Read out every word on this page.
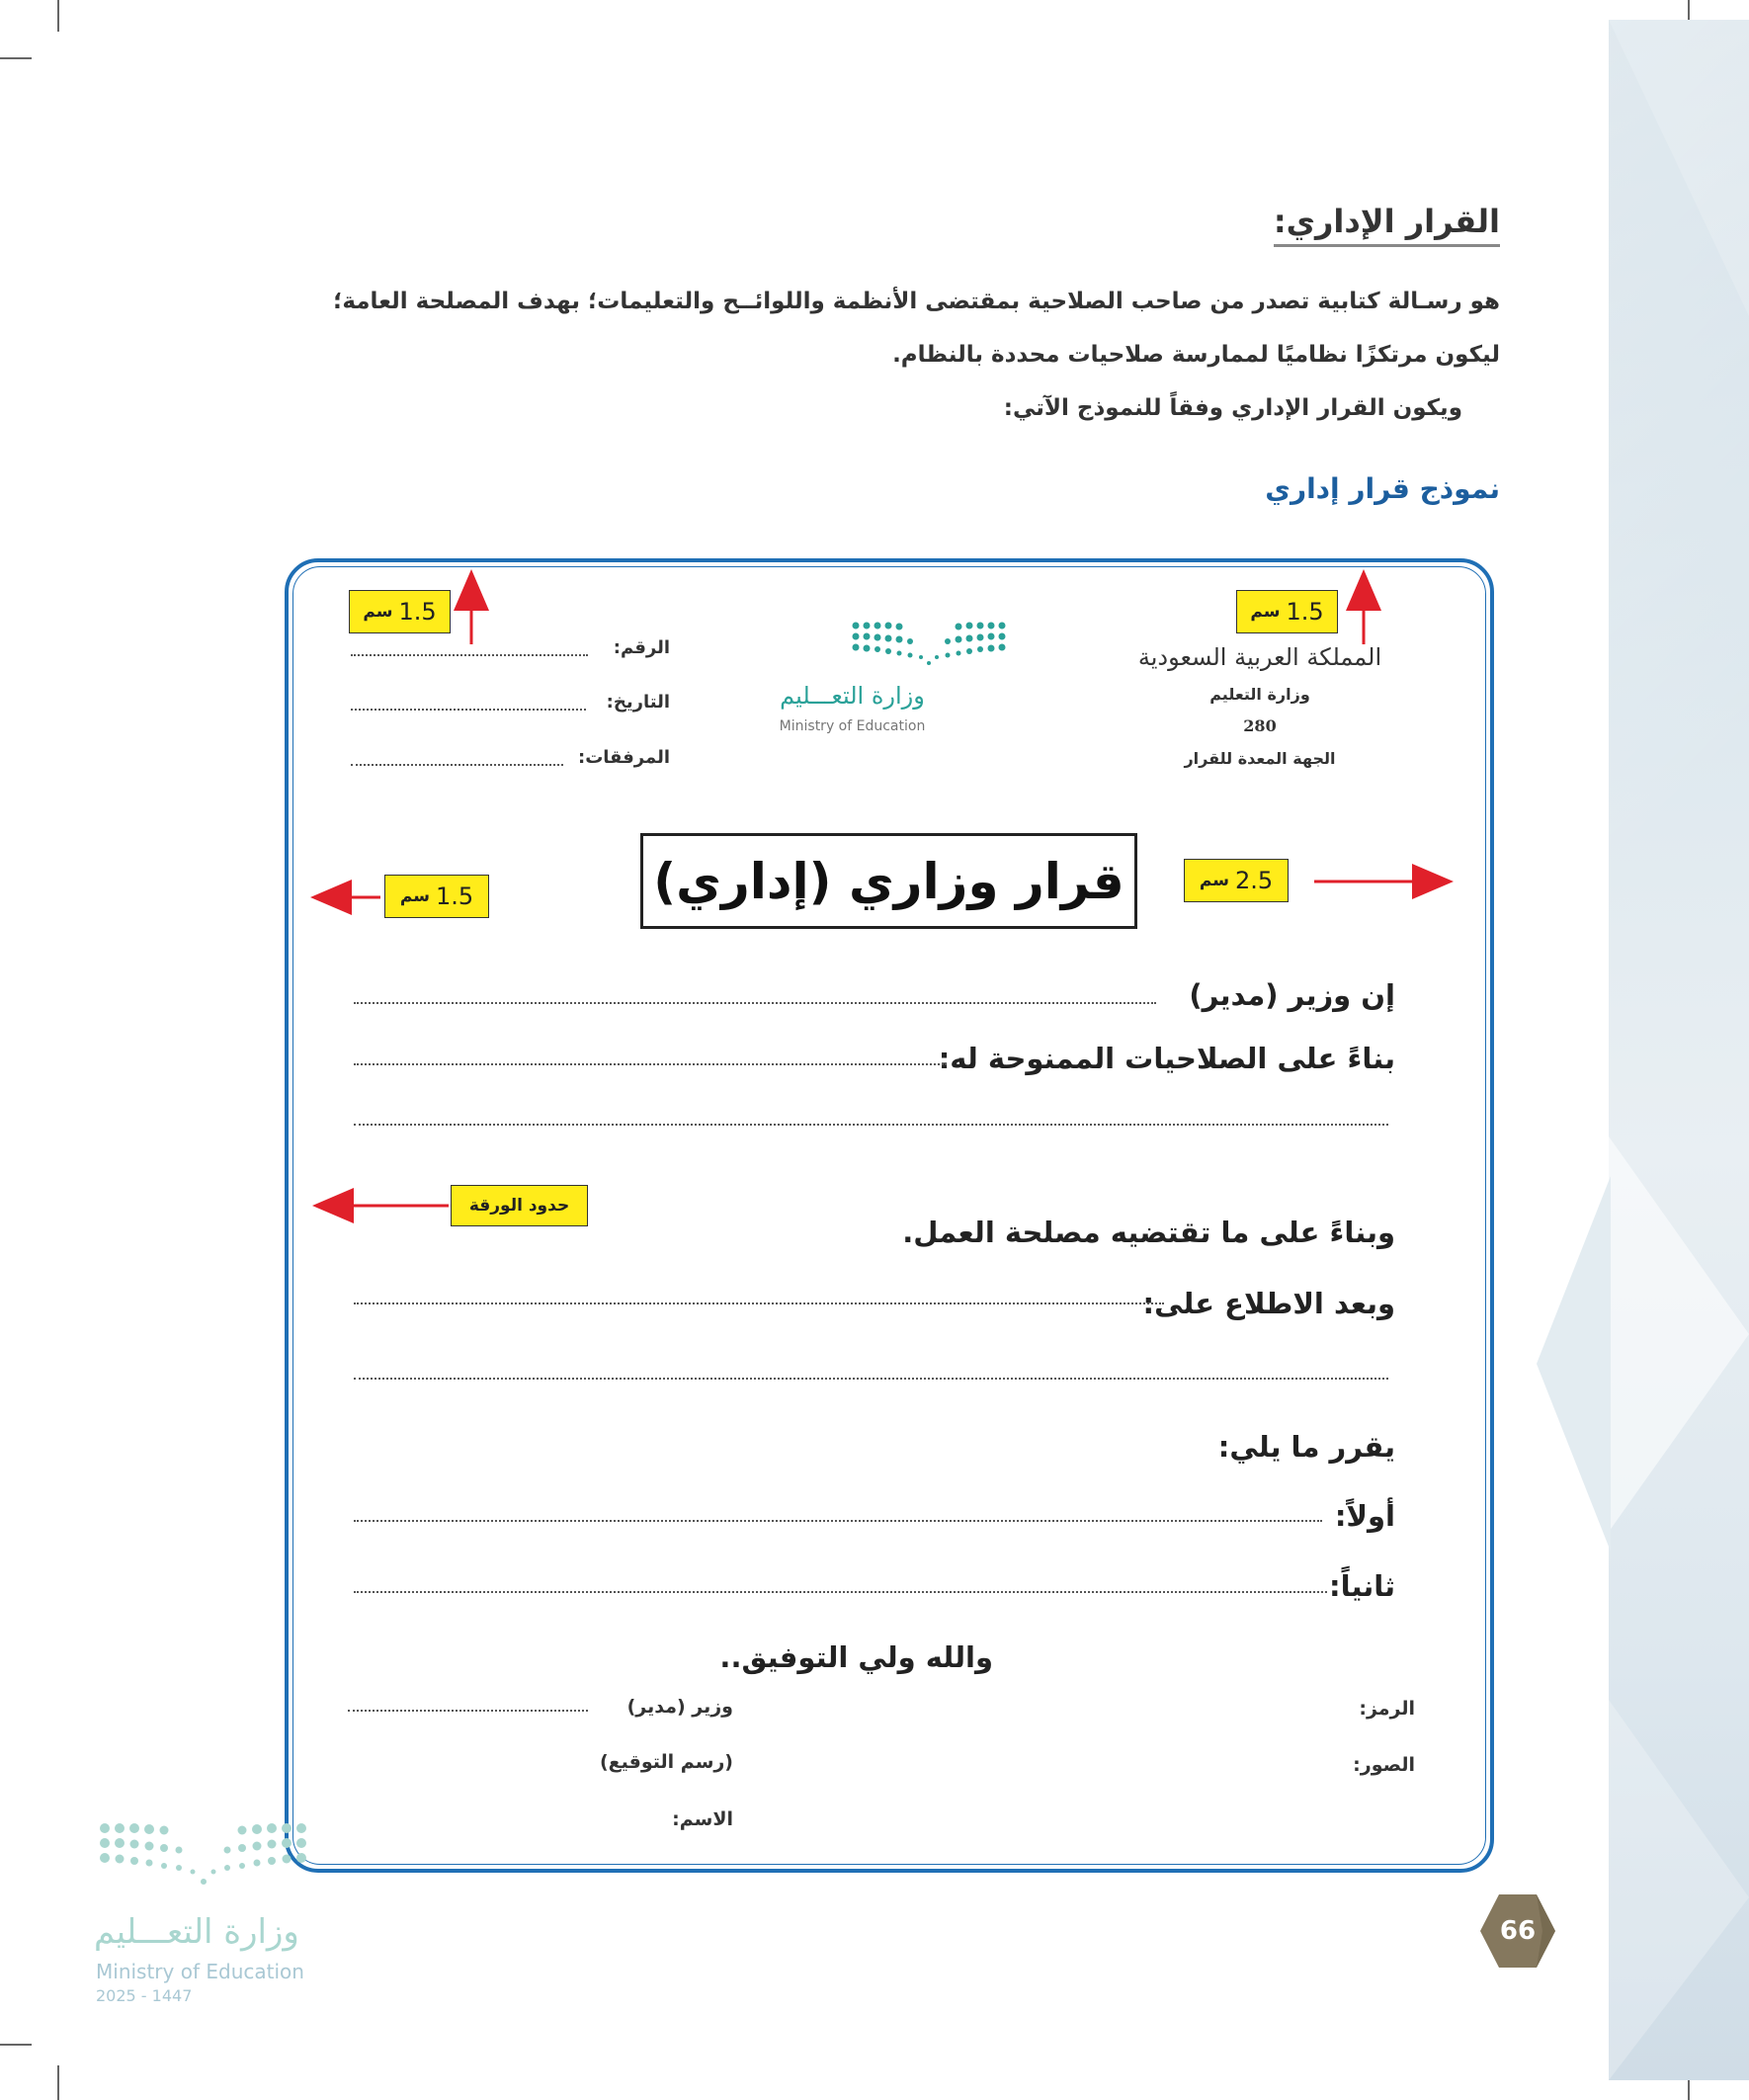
القرار الإداري:
هو رسـالة كتابية تصدر من صاحب الصلاحية بمقتضى الأنظمة واللوائــح والتعليمات؛ بهدف المصلحة العامة؛
ليكون مرتكزًا نظاميًا لممارسة صلاحيات محددة بالنظام.
ويكون القرار الإداري وفقاً للنموذج الآتي:
نموذج قرار إداري
1.5
سم	1.5
سم
1.5
سم
2.5
سم
حدود الورقة
المملكة العربية السعودية
وزارة التعليم
280
الجهة المعدة للقرار
وزارة التعـــليم
Ministry of Education
الرقم:
التاريخ:
المرفقات:
قرار وزاري (إداري)
إن وزير (مدير)
بناءً على الصلاحيات الممنوحة له:
وبناءً على ما تقتضيه مصلحة العمل.
وبعد الاطلاع على:
يقرر ما يلي:
أولاً:
ثانياً:
والله ولي التوفيق..
الرمز:
الصور:
وزير (مدير)
(رسم التوقيع)
الاسم:
وزارة التعـــليم
Ministry of Education
2025 - 1447
66
